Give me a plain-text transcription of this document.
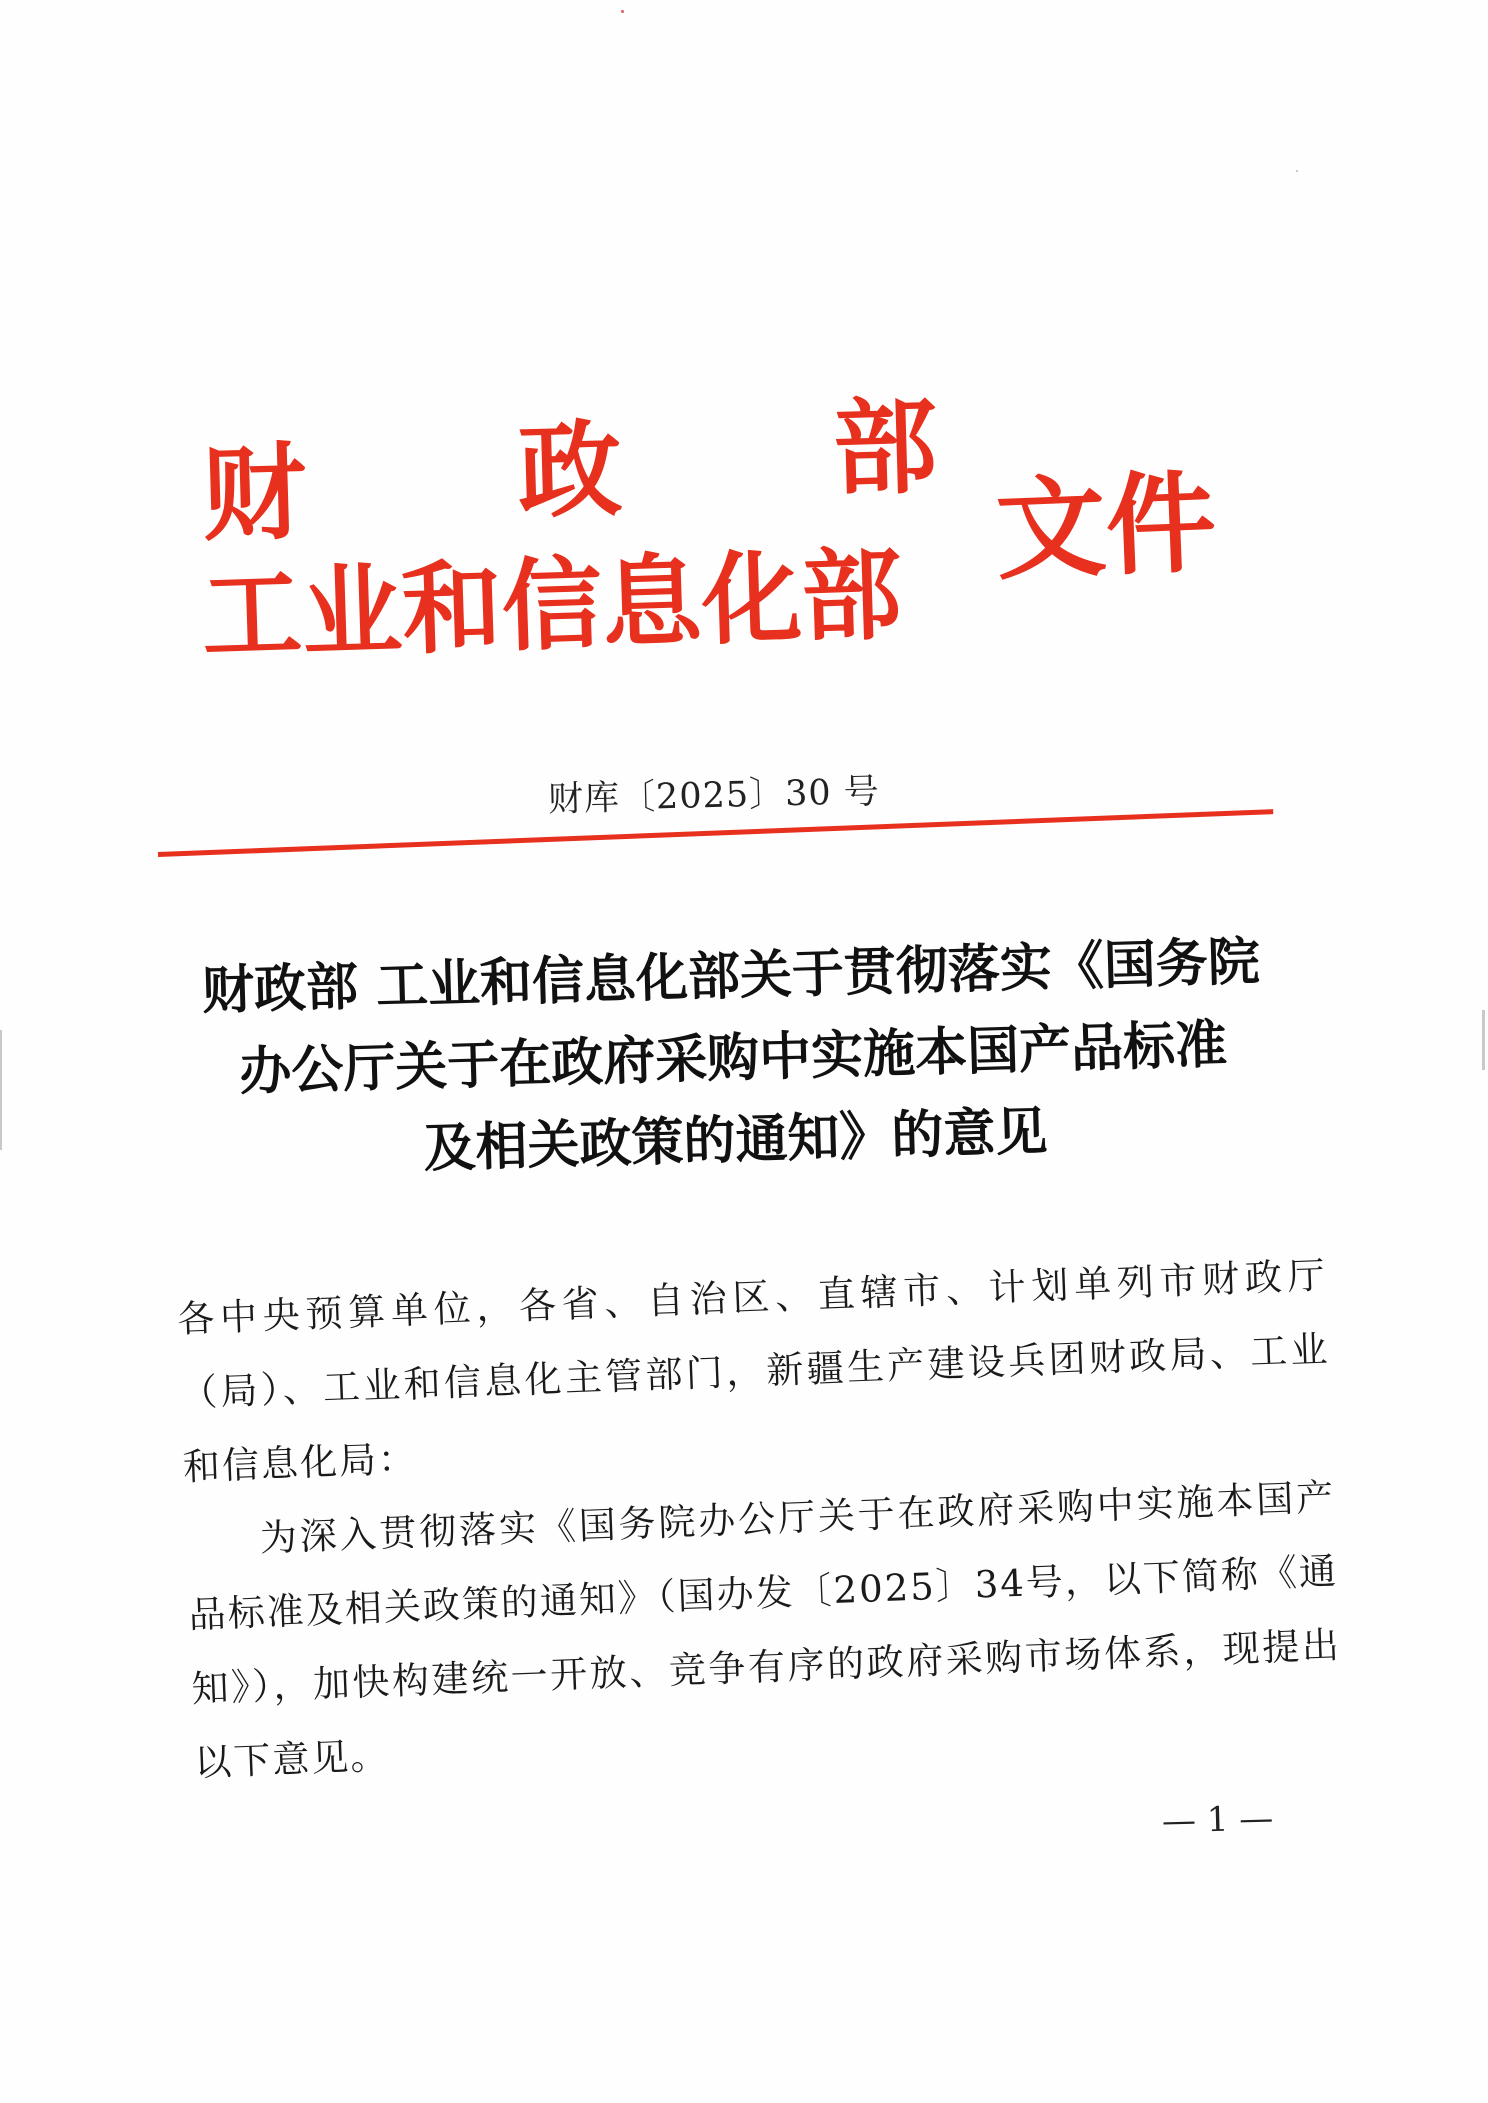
财 政 部
工业和信息化部
文件
财库〔2025〕30 号
财政部 工业和信息化部关于贯彻落实《国务院
办公厅关于在政府采购中实施本国产品标准
及相关政策的通知》的意见

各中央预算单位，各省、自治区、直辖市、计划单列市财政厅（局）、工业和信息化主管部门，新疆生产建设兵团财政局、工业和信息化局：

为深入贯彻落实《国务院办公厅关于在政府采购中实施本国产品标准及相关政策的通知》（国办发〔2025〕34号，以下简称《通知》），加快构建统一开放、竞争有序的政府采购市场体系，现提出以下意见。

— 1 —
